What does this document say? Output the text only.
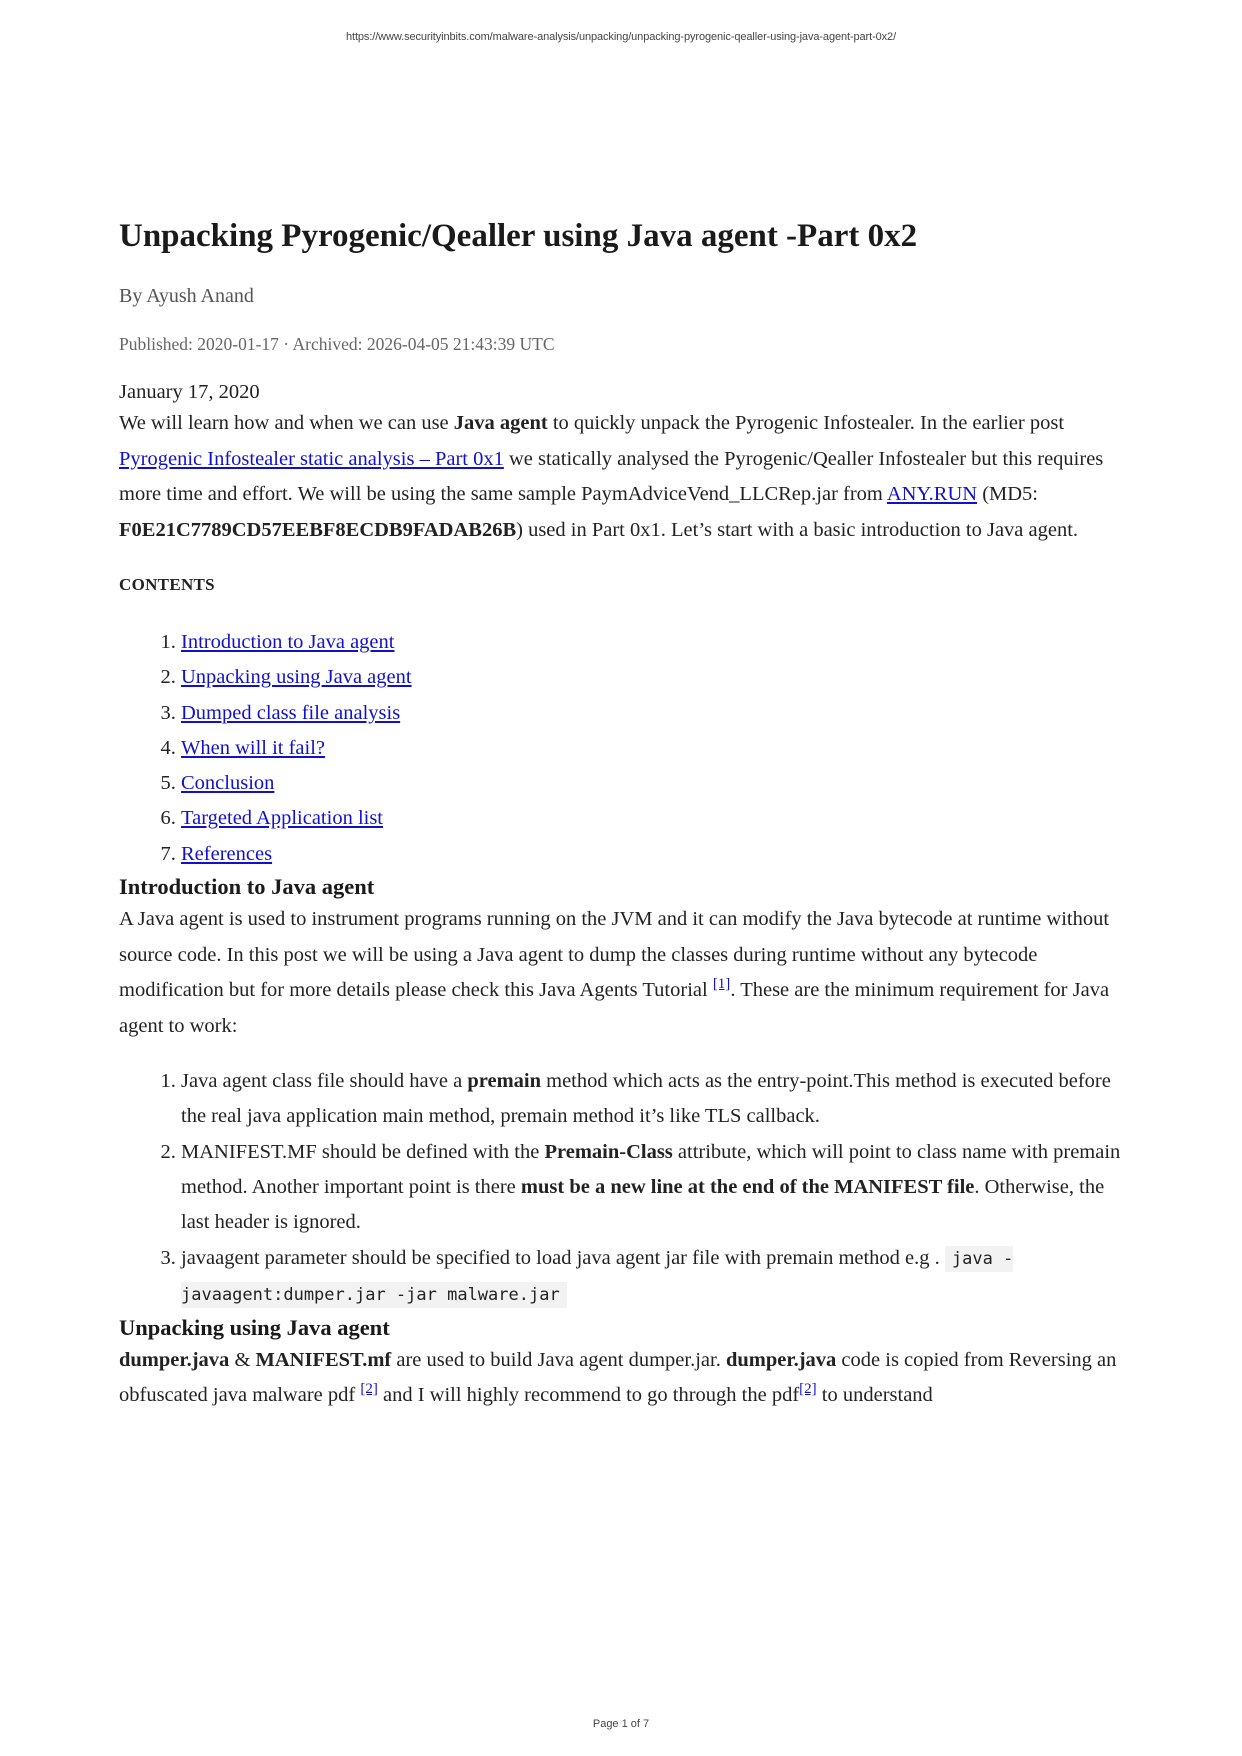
https://www.securityinbits.com/malware-analysis/unpacking/unpacking-pyrogenic-qealler-using-java-agent-part-0x2/
Unpacking Pyrogenic/Qealler using Java agent -Part 0x2
By Ayush Anand
Published: 2020-01-17 · Archived: 2026-04-05 21:43:39 UTC
January 17, 2020

We will learn how and when we can use Java agent to quickly unpack the Pyrogenic Infostealer. In the earlier post Pyrogenic Infostealer static analysis – Part 0x1 we statically analysed the Pyrogenic/Qealler Infostealer but this requires more time and effort. We will be using the same sample PaymAdviceVend_LLCRep.jar from ANY.RUN (MD5: F0E21C7789CD57EEBF8ECDB9FADAB26B) used in Part 0x1. Let’s start with a basic introduction to Java agent.

CONTENTS
1. Introduction to Java agent
2. Unpacking using Java agent
3. Dumped class file analysis
4. When will it fail?
5. Conclusion
6. Targeted Application list
7. References
Introduction to Java agent

A Java agent is used to instrument programs running on the JVM and it can modify the Java bytecode at runtime without source code. In this post we will be using a Java agent to dump the classes during runtime without any bytecode modification but for more details please check this Java Agents Tutorial [1]. These are the minimum requirement for Java agent to work:

1. Java agent class file should have a premain method which acts as the entry-point.This method is executed before the real java application main method, premain method it’s like TLS callback.
2. MANIFEST.MF should be defined with the Premain-Class attribute, which will point to class name with premain method. Another important point is there must be a new line at the end of the MANIFEST file. Otherwise, the last header is ignored.
3. javaagent parameter should be specified to load java agent jar file with premain method e.g . java -javaagent:dumper.jar -jar malware.jar
Unpacking using Java agent

dumper.java & MANIFEST.mf are used to build Java agent dumper.jar. dumper.java code is copied from Reversing an obfuscated java malware pdf [2] and I will highly recommend to go through the pdf[2] to understand

Page 1 of 7
